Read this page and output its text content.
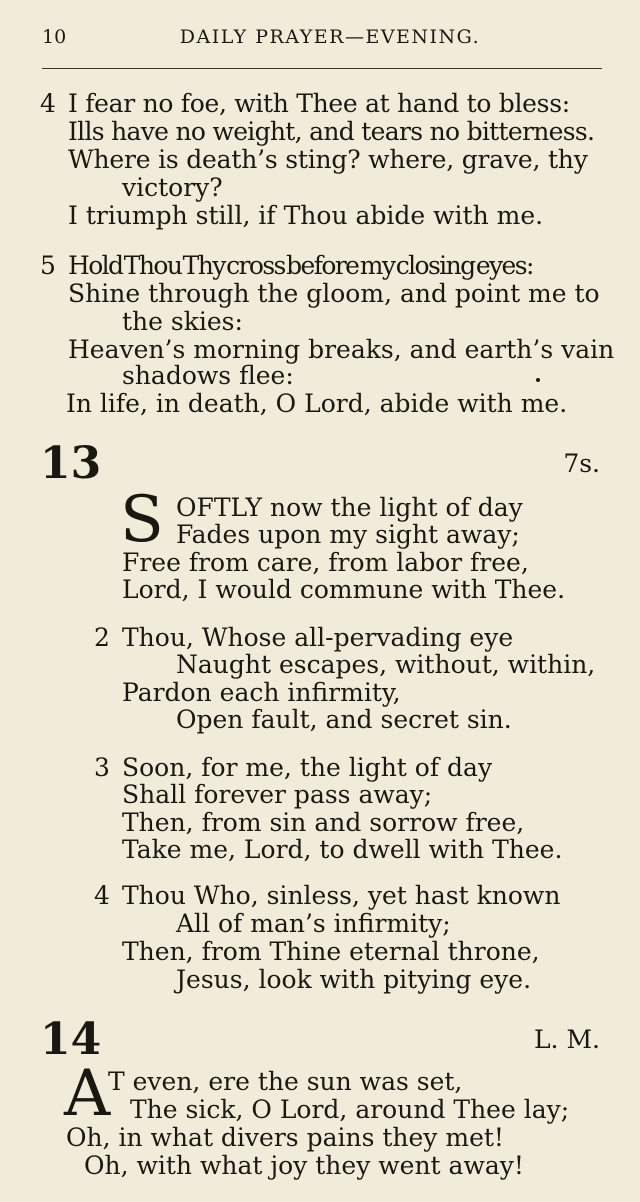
10	DAILY PRAYER—EVENING.
4 I fear no foe, with Thee at hand to bless:
Ills have no weight, and tears no bitterness.
Where is death’s sting? where, grave, thy
victory?
I triumph still, if Thou abide with me.
5 Hold Thou Thy cross before my closing eyes:
Shine through the gloom, and point me to
the skies:
Heaven’s morning breaks, and earth’s vain
shadows flee:
In life, in death, O Lord, abide with me.
13	7s.
S OFTLY now the light of day
Fades upon my sight away;
Free from care, from labor free,
Lord, I would commune with Thee.
2 Thou, Whose all-pervading eye
Naught escapes, without, within,
Pardon each infirmity,
Open fault, and secret sin.
3 Soon, for me, the light of day
Shall forever pass away;
Then, from sin and sorrow free,
Take me, Lord, to dwell with Thee.
4 Thou Who, sinless, yet hast known
All of man’s infirmity;
Then, from Thine eternal throne,
Jesus, look with pitying eye.
14	L. M.
A
T even, ere the sun was set,
The sick, O Lord, around Thee lay;
Oh, in what divers pains they met!
Oh, with what joy they went away!
